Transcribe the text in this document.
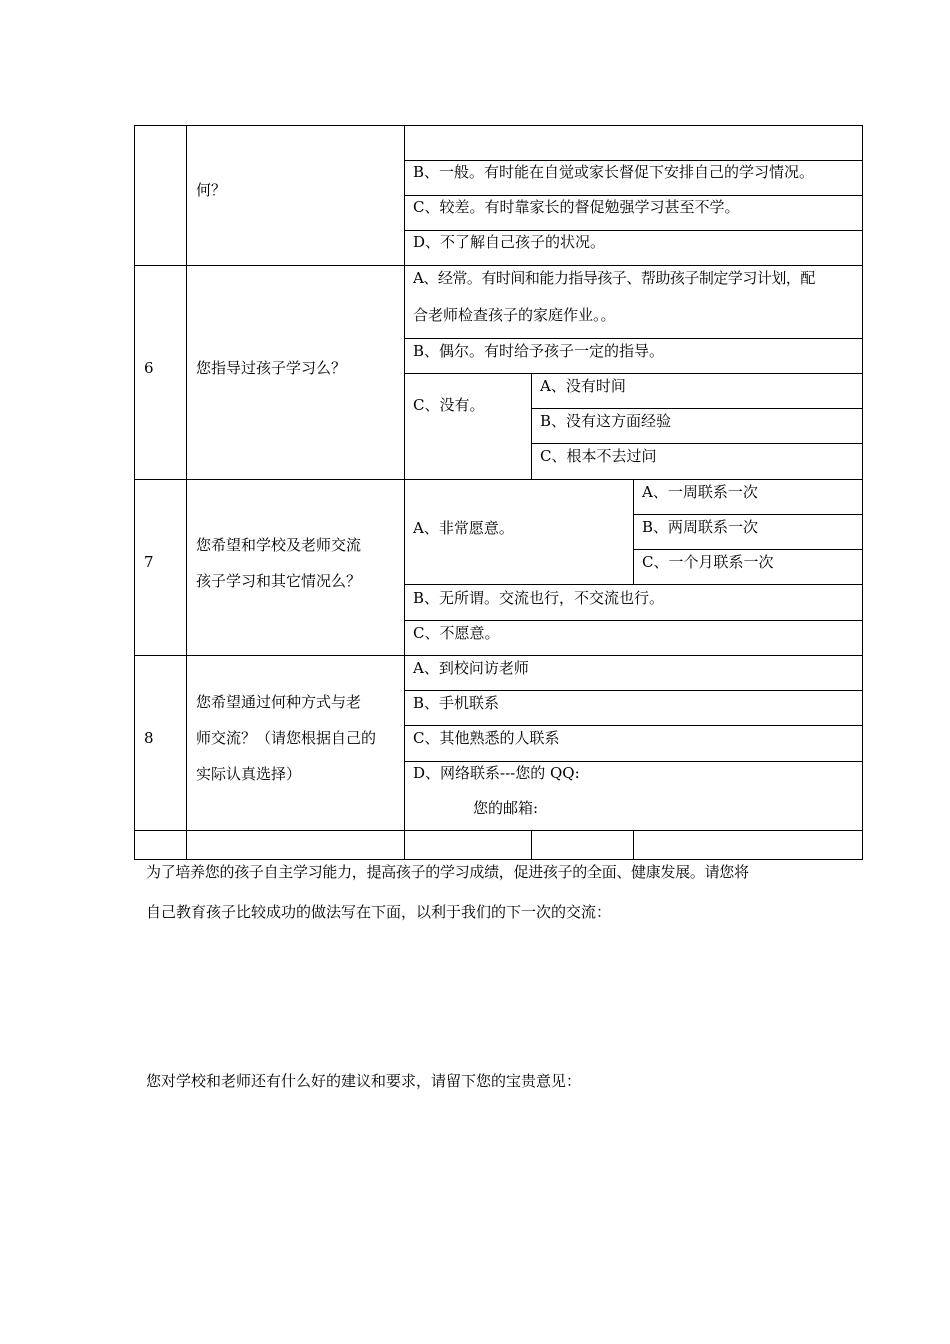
何？
B、一般。有时能在自觉或家长督促下安排自己的学习情况。
C、较差。有时靠家长的督促勉强学习甚至不学。
D、不了解自己孩子的状况。
6	您指导过孩子学习么？
A、经常。有时间和能力指导孩子、帮助孩子制定学习计划，配
合老师检查孩子的家庭作业。。
B、偶尔。有时给予孩子一定的指导。
C、没有。
A、没有时间
B、没有这方面经验
C、根本不去过问
7
您希望和学校及老师交流
孩子学习和其它情况么？
A、非常愿意。
A、一周联系一次
B、两周联系一次
C、一个月联系一次
B、无所谓。交流也行，不交流也行。
C、不愿意。
8
您希望通过何种方式与老
师交流？（请您根据自己的
实际认真选择）
A、到校问访老师
B、手机联系
C、其他熟悉的人联系
D、网络联系---您的 QQ:
您的邮箱:
为了培养您的孩子自主学习能力，提高孩子的学习成绩，促进孩子的全面、健康发展。请您将
自己教育孩子比较成功的做法写在下面，以利于我们的下一次的交流：
您对学校和老师还有什么好的建议和要求，请留下您的宝贵意见：
